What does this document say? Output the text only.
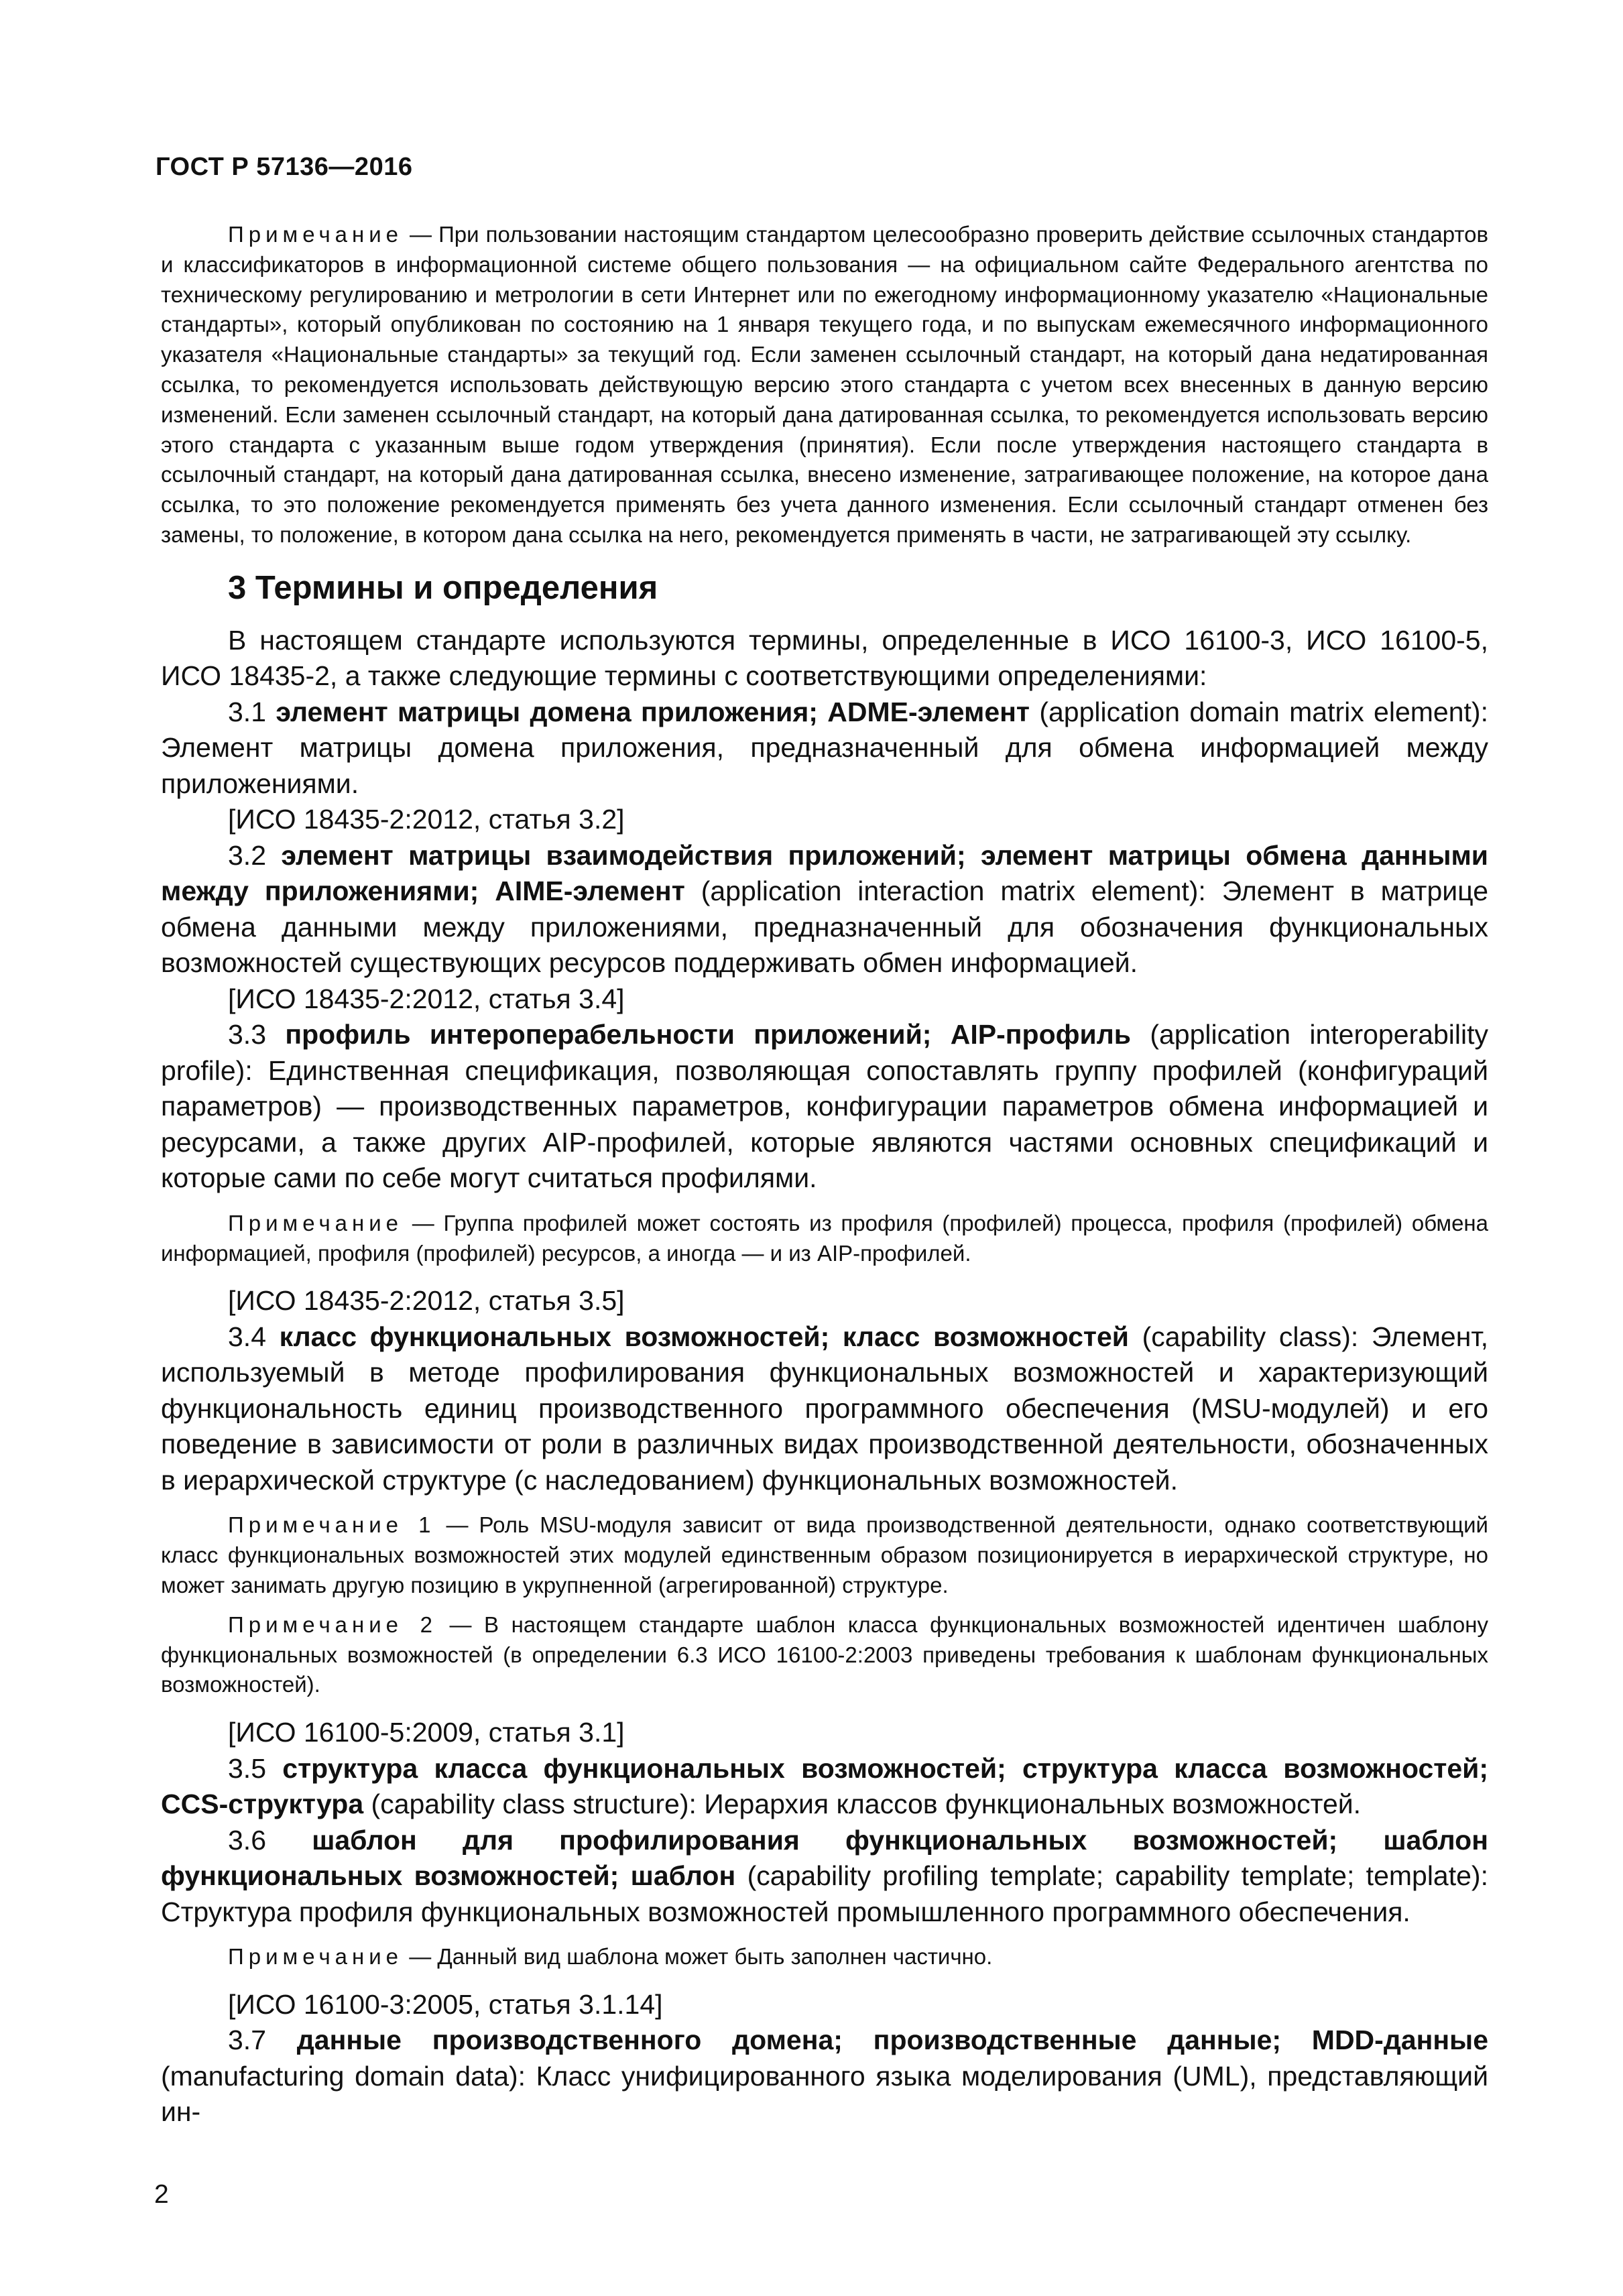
ГОСТ Р 57136—2016

Примечание — При пользовании настоящим стандартом целесообразно проверить действие ссылочных стандартов и классификаторов в информационной системе общего пользования — на официальном сайте Федерального агентства по техническому регулированию и метрологии в сети Интернет или по ежегодному информационному указателю «Национальные стандарты», который опубликован по состоянию на 1 января текущего года, и по выпускам ежемесячного информационного указателя «Национальные стандарты» за текущий год. Если заменен ссылочный стандарт, на который дана недатированная ссылка, то рекомендуется использовать действующую версию этого стандарта с учетом всех внесенных в данную версию изменений. Если заменен ссылочный стандарт, на который дана датированная ссылка, то рекомендуется использовать версию этого стандарта с указанным выше годом утверждения (принятия). Если после утверждения настоящего стандарта в ссылочный стандарт, на который дана датированная ссылка, внесено изменение, затрагивающее положение, на которое дана ссылка, то это положение рекомендуется применять без учета данного изменения. Если ссылочный стандарт отменен без замены, то положение, в котором дана ссылка на него, рекомендуется применять в части, не затрагивающей эту ссылку.

3 Термины и определения

В настоящем стандарте используются термины, определенные в ИСО 16100-3, ИСО 16100-5, ИСО 18435-2, а также следующие термины с соответствующими определениями:

3.1 элемент матрицы домена приложения; ADME-элемент (application domain matrix element): Элемент матрицы домена приложения, предназначенный для обмена информацией между приложениями.

[ИСО 18435-2:2012, статья 3.2]

3.2 элемент матрицы взаимодействия приложений; элемент матрицы обмена данными между приложениями; AIME-элемент (application interaction matrix element): Элемент в матрице обмена данными между приложениями, предназначенный для обозначения функциональных возможностей существующих ресурсов поддерживать обмен информацией.

[ИСО 18435-2:2012, статья 3.4]

3.3 профиль интероперабельности приложений; AIP-профиль (application interoperability profile): Единственная спецификация, позволяющая сопоставлять группу профилей (конфигураций параметров) — производственных параметров, конфигурации параметров обмена информацией и ресурсами, а также других AIP-профилей, которые являются частями основных спецификаций и которые сами по себе могут считаться профилями.

Примечание — Группа профилей может состоять из профиля (профилей) процесса, профиля (профилей) обмена информацией, профиля (профилей) ресурсов, а иногда — и из AIP-профилей.

[ИСО 18435-2:2012, статья 3.5]

3.4 класс функциональных возможностей; класс возможностей (capability class): Элемент, используемый в методе профилирования функциональных возможностей и характеризующий функциональность единиц производственного программного обеспечения (MSU-модулей) и его поведение в зависимости от роли в различных видах производственной деятельности, обозначенных в иерархической структуре (с наследованием) функциональных возможностей.

Примечание 1 — Роль MSU-модуля зависит от вида производственной деятельности, однако соответствующий класс функциональных возможностей этих модулей единственным образом позиционируется в иерархической структуре, но может занимать другую позицию в укрупненной (агрегированной) структуре.

Примечание 2 — В настоящем стандарте шаблон класса функциональных возможностей идентичен шаблону функциональных возможностей (в определении 6.3 ИСО 16100-2:2003 приведены требования к шаблонам функциональных возможностей).

[ИСО 16100-5:2009, статья 3.1]

3.5 структура класса функциональных возможностей; структура класса возможностей; CCS-структура (capability class structure): Иерархия классов функциональных возможностей.

3.6 шаблон для профилирования функциональных возможностей; шаблон функциональных возможностей; шаблон (capability profiling template; capability template; template): Структура профиля функциональных возможностей промышленного программного обеспечения.

Примечание — Данный вид шаблона может быть заполнен частично.

[ИСО 16100-3:2005, статья 3.1.14]

3.7 данные производственного домена; производственные данные; MDD-данные (manufacturing domain data): Класс унифицированного языка моделирования (UML), представляющий ин-

2
